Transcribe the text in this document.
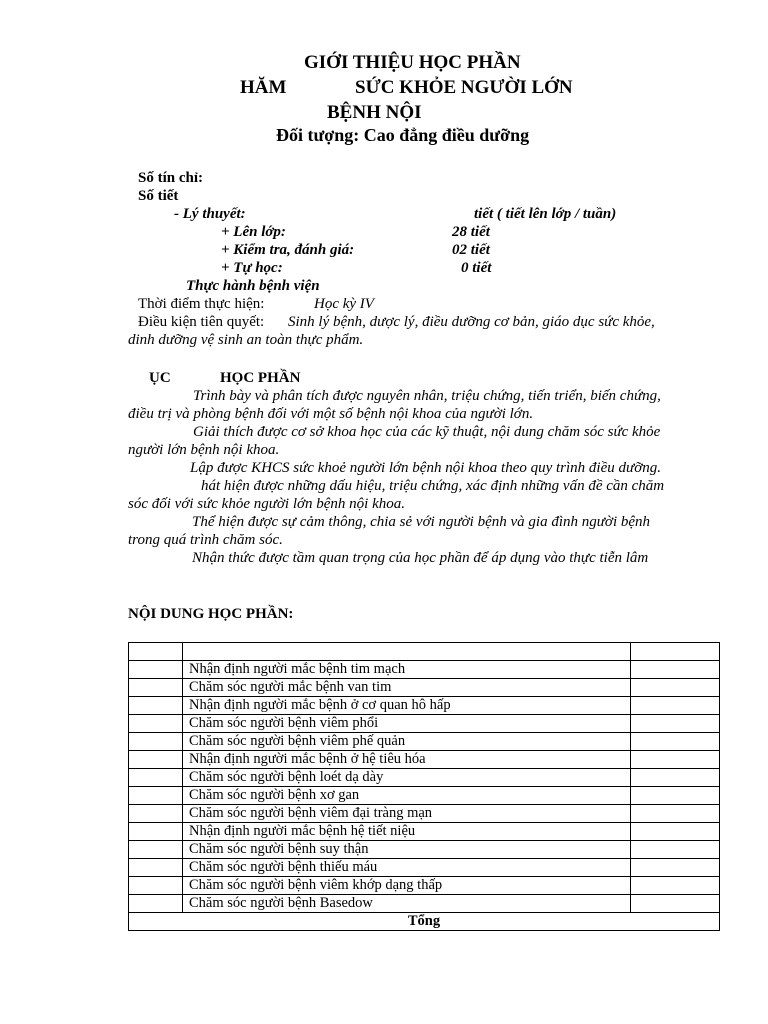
GIỚI THIỆU HỌC PHẦN
HĂM	SỨC KHỎE NGƯỜI LỚN
BỆNH NỘI
Đối tượng: Cao đẳng điều dưỡng
Số tín chỉ:
Số tiết
- Lý thuyết:	tiết ( tiết lên lớp / tuần)
+ Lên lớp:	28 tiết
+ Kiểm tra, đánh giá:	02 tiết
+ Tự học:	0 tiết
Thực hành bệnh viện
Thời điểm thực hiện:	Học kỳ IV
Điều kiện tiên quyết: Sinh lý bệnh, dược lý, điều dưỡng cơ bản, giáo dục sức khỏe,
dinh dưỡng vệ sinh an toàn thực phẩm.
ỤC	HỌC PHẦN
Trình bày và phân tích được nguyên nhân, triệu chứng, tiến triển, biến chứng,
điều trị và phòng bệnh đối với một số bệnh nội khoa của người lớn.
Giải thích được cơ sở khoa học của các kỹ thuật, nội dung chăm sóc sức khỏe
người lớn bệnh nội khoa.
Lập được KHCS sức khoẻ người lớn bệnh nội khoa theo quy trình điều dưỡng.
hát hiện được những dấu hiệu, triệu chứng, xác định những vấn đề cần chăm
sóc đối với sức khỏe người lớn bệnh nội khoa.
Thể hiện được sự cảm thông, chia sẻ với người bệnh và gia đình người bệnh
trong quá trình chăm sóc.
Nhận thức được tầm quan trọng của học phần để áp dụng vào thực tiễn lâm
NỘI DUNG HỌC PHẦN:

	Nhận định người mắc bệnh tim mạch	
	Chăm sóc người mắc bệnh van tim	
	Nhận định người mắc bệnh ở cơ quan hô hấp	
	Chăm sóc người bệnh viêm phổi	
	Chăm sóc người bệnh viêm phế quản	
	Nhận định người mắc bệnh ở hệ tiêu hóa	
	Chăm sóc người bệnh loét dạ dày	
	Chăm sóc người bệnh xơ gan	
	Chăm sóc người bệnh viêm đại tràng mạn	
	Nhận định người mắc bệnh hệ tiết niệu	
	Chăm sóc người bệnh suy thận	
	Chăm sóc người bệnh thiếu máu	
	Chăm sóc người bệnh viêm khớp dạng thấp	
	Chăm sóc người bệnh Basedow	
Tổng		
